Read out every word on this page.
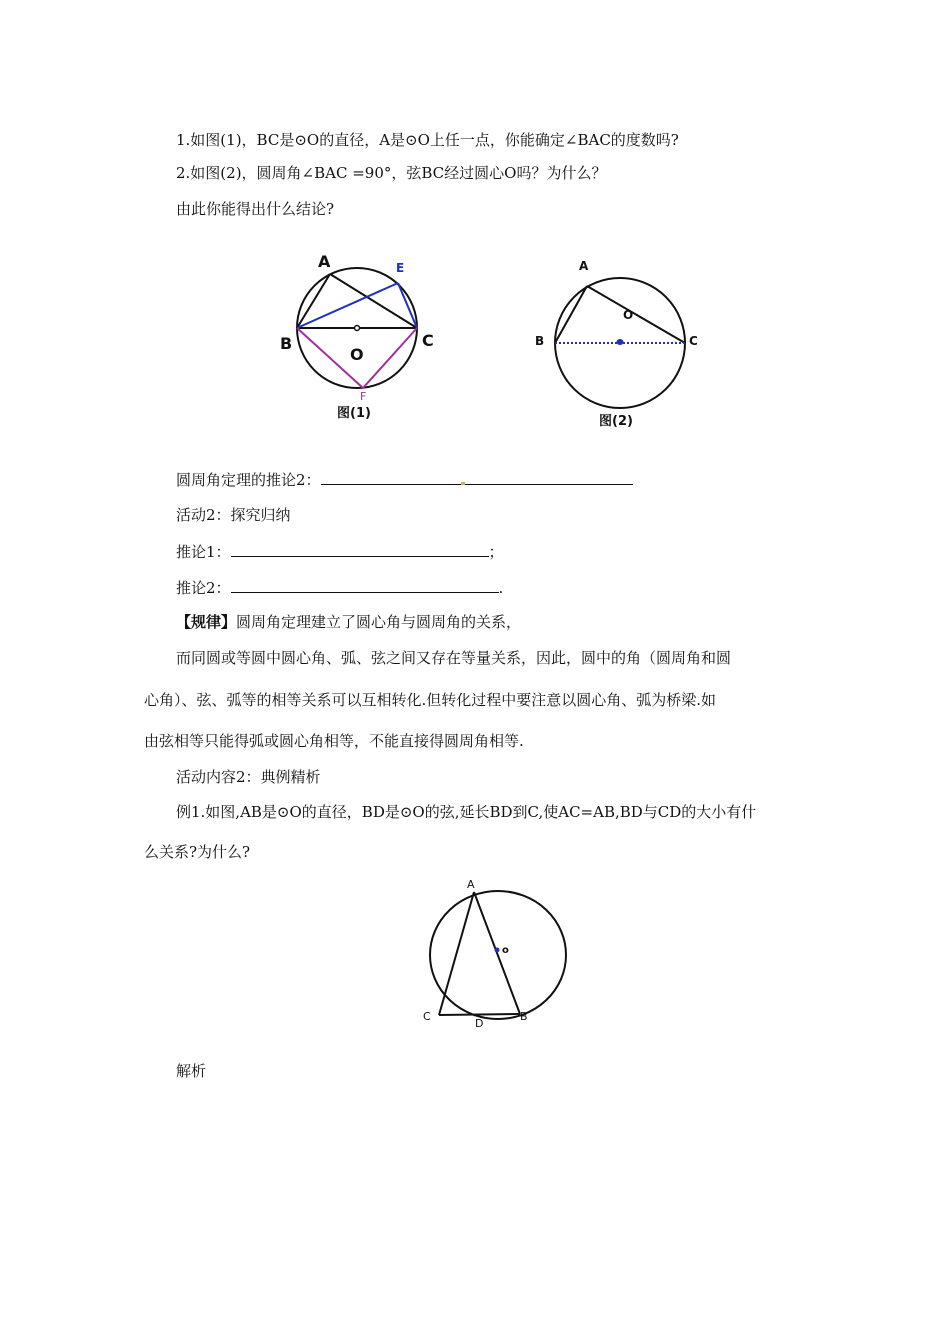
1.如图(1)，BC是⊙O的直径，A是⊙O上任一点，你能确定∠BAC的度数吗?
2.如图(2)，圆周角∠BAC =90°，弦BC经过圆心O吗？为什么？
由此你能得出什么结论?
A	E
B	C
O
F
图(1)
A
O
B	C
图(2)
圆周角定理的推论2：
活动2：探究归纳
推论1：	；
推论2：	.
【规律】圆周角定理建立了圆心角与圆周角的关系，
而同圆或等圆中圆心角、弧、弦之间又存在等量关系，因此，圆中的角（圆周角和圆
心角）、弦、弧等的相等关系可以互相转化.但转化过程中要注意以圆心角、弧为桥梁.如
由弦相等只能得弧或圆心角相等，不能直接得圆周角相等.
活动内容2：典例精析
例1.如图,AB是⊙O的直径，BD是⊙O的弦,延长BD到C,使AC=AB,BD与CD的大小有什
么关系?为什么?
A
o
C
D
B
解析
